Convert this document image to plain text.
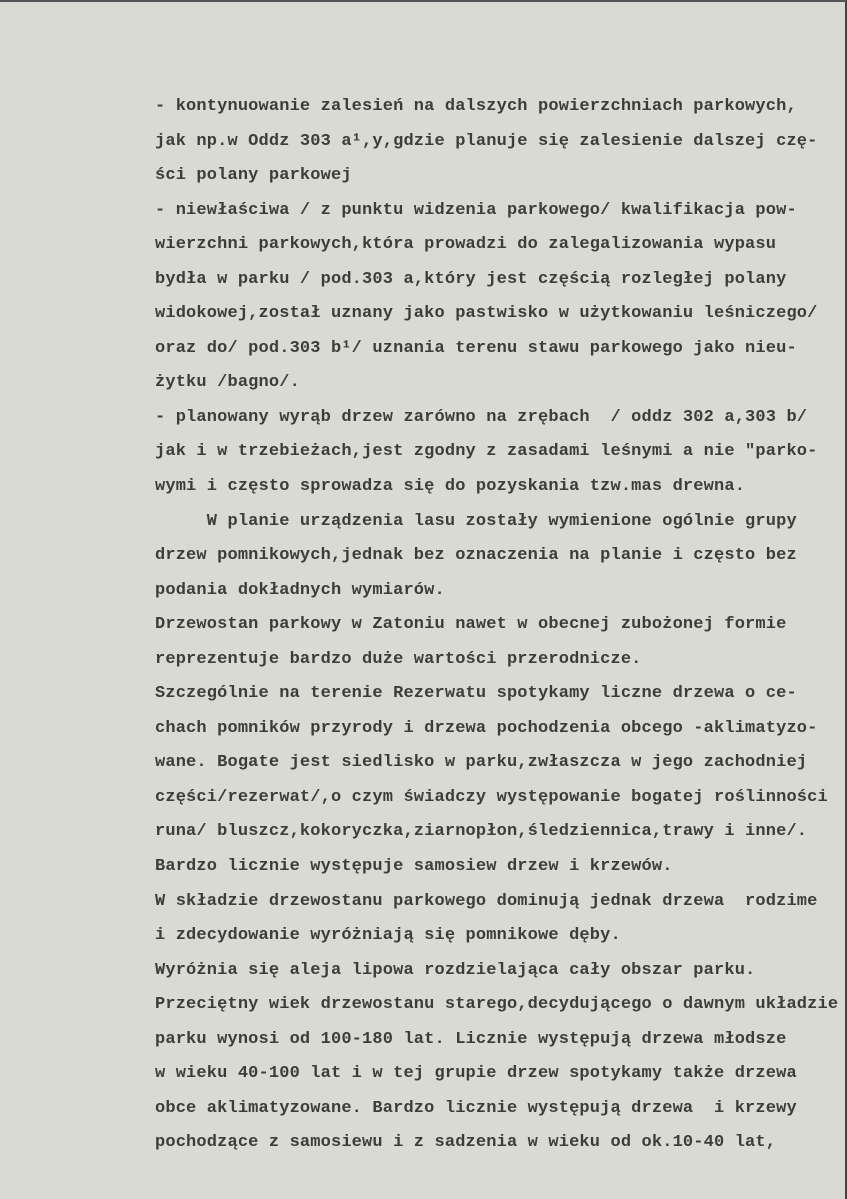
- kontynuowanie zalesień na dalszych powierzchniach parkowych,
jak np.w Oddz 303 a¹,y,gdzie planuje się zalesienie dalszej czę-
ści polany parkowej
- niewłaściwa / z punktu widzenia parkowego/ kwalifikacja pow-
wierzchni parkowych,która prowadzi do zalegalizowania wypasu
bydła w parku / pod.303 a,który jest częścią rozległej polany
widokowej,został uznany jako pastwisko w użytkowaniu leśniczego/
oraz do/ pod.303 b¹/ uznania terenu stawu parkowego jako nieu-
żytku /bagno/.
- planowany wyrąb drzew zarówno na zrębach  / oddz 302 a,303 b/
jak i w trzebieżach,jest zgodny z zasadami leśnymi a nie "parko-
wymi i często sprowadza się do pozyskania tzw.mas drewna.
W planie urządzenia lasu zostały wymienione ogólnie grupy
drzew pomnikowych,jednak bez oznaczenia na planie i często bez
podania dokładnych wymiarów.
Drzewostan parkowy w Zatoniu nawet w obecnej zubożonej formie
reprezentuje bardzo duże wartości przerodnicze.
Szczególnie na terenie Rezerwatu spotykamy liczne drzewa o ce-
chach pomników przyrody i drzewa pochodzenia obcego -aklimatyzo-
wane. Bogate jest siedlisko w parku,zwłaszcza w jego zachodniej
części/rezerwat/,o czym świadczy występowanie bogatej roślinności
runa/ bluszcz,kokoryczka,ziarnopłon,śledziennica,trawy i inne/.
Bardzo licznie występuje samosiew drzew i krzewów.
W składzie drzewostanu parkowego dominują jednak drzewa  rodzime
i zdecydowanie wyróżniają się pomnikowe dęby.
Wyróżnia się aleja lipowa rozdzielająca cały obszar parku.
Przeciętny wiek drzewostanu starego,decydującego o dawnym układzie
parku wynosi od 100-180 lat. Licznie występują drzewa młodsze
w wieku 40-100 lat i w tej grupie drzew spotykamy także drzewa
obce aklimatyzowane. Bardzo licznie występują drzewa  i krzewy
pochodzące z samosiewu i z sadzenia w wieku od ok.10-40 lat,
